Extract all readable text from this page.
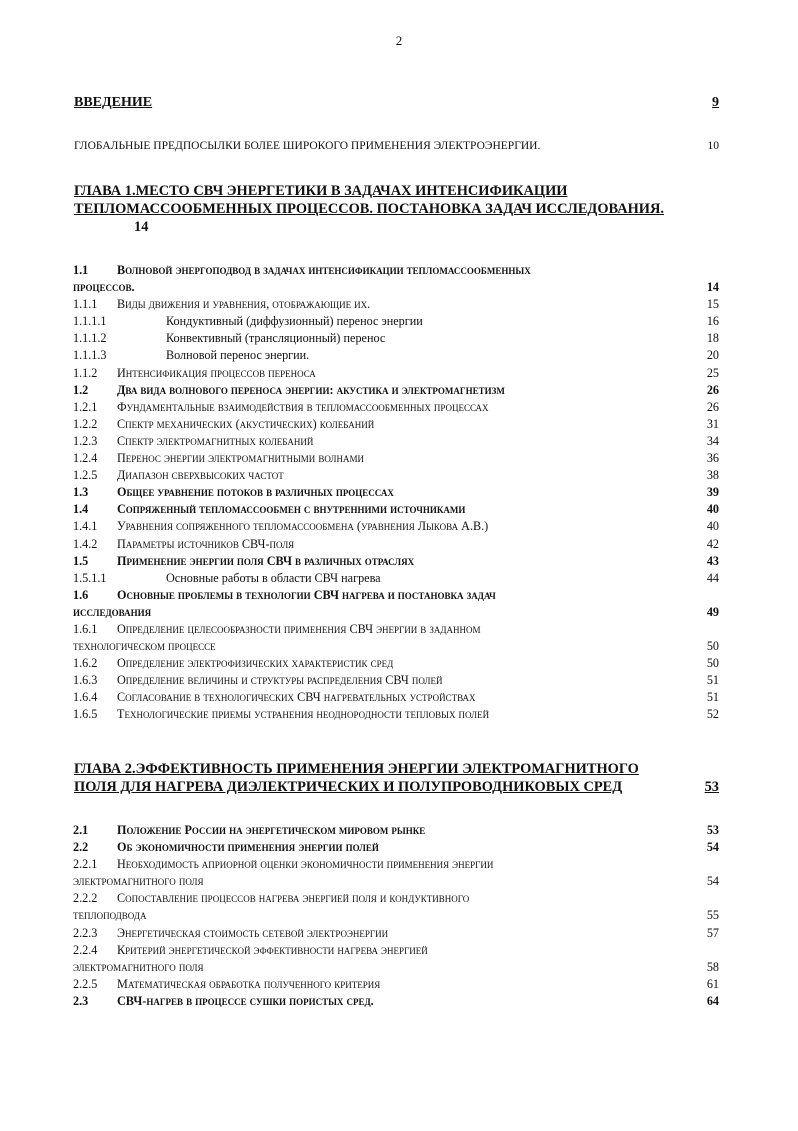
2
ВВЕДЕНИЕ	9
ГЛОБАЛЬНЫЕ ПРЕДПОСЫЛКИ БОЛЕЕ ШИРОКОГО ПРИМЕНЕНИЯ ЭЛЕКТРОЭНЕРГИИ.	10
ГЛАВА 1.МЕСТО СВЧ ЭНЕРГЕТИКИ В ЗАДАЧАХ ИНТЕНСИФИКАЦИИ
ТЕПЛОМАССООБМЕННЫХ ПРОЦЕССОВ. ПОСТАНОВКА ЗАДАЧ ИССЛЕДОВАНИЯ.
14
1.1 Волновой энергоподвод в задачах интенсификации тепломассообменных
процессов.	14
1.1.1 Виды движения и уравнения, отображающие их.	15
1.1.1.1	Кондуктивный (диффузионный) перенос энергии	16
1.1.1.2	Конвективный (трансляционный) перенос	18
1.1.1.3	Волновой перенос энергии.	20
1.1.2 Интенсификация процессов переноса	25
1.2 Два вида волнового переноса энергии: акустика и электромагнетизм	26
1.2.1 Фундаментальные взаимодействия в тепломассообменных процессах	26
1.2.2 Спектр механических (акустических) колебаний	31
1.2.3 Спектр электромагнитных колебаний	34
1.2.4 Перенос энергии электромагнитными волнами	36
1.2.5 Диапазон сверхвысоких частот	38
1.3 Общее уравнение потоков в различных процессах	39
1.4 Сопряженный тепломассообмен с внутренними источниками	40
1.4.1 Уравнения сопряженного тепломассообмена (уравнения Лыкова А.В.)	40
1.4.2 Параметры источников СВЧ-поля	42
1.5 Применение энергии поля СВЧ в различных отраслях	43
1.5.1.1	Основные работы в области СВЧ нагрева	44
1.6 Основные проблемы в технологии СВЧ нагрева и постановка задач
исследования	49
1.6.1 Определение целесообразности применения СВЧ энергии в заданном
технологическом процессе	50
1.6.2 Определение электрофизических характеристик сред	50
1.6.3 Определение величины и структуры распределения СВЧ полей	51
1.6.4 Согласование в технологических СВЧ нагревательных устройствах	51
1.6.5 Технологические приемы устранения неоднородности тепловых полей	52
ГЛАВА 2.ЭФФЕКТИВНОСТЬ ПРИМЕНЕНИЯ ЭНЕРГИИ ЭЛЕКТРОМАГНИТНОГО
ПОЛЯ ДЛЯ НАГРЕВА ДИЭЛЕКТРИЧЕСКИХ И ПОЛУПРОВОДНИКОВЫХ СРЕД	53
2.1 Положение России на энергетическом мировом рынке	53
2.2 Об экономичности применения энергии полей	54
2.2.1 Необходимость априорной оценки экономичности применения энергии
электромагнитного поля	54
2.2.2 Сопоставление процессов нагрева энергией поля и кондуктивного
теплоподвода	55
2.2.3 Энергетическая стоимость сетевой электроэнергии	57
2.2.4 Критерий энергетической эффективности нагрева энергией
электромагнитного поля	58
2.2.5 Математическая обработка полученного критерия	61
2.3 СВЧ-нагрев в процессе сушки пористых сред.	64
